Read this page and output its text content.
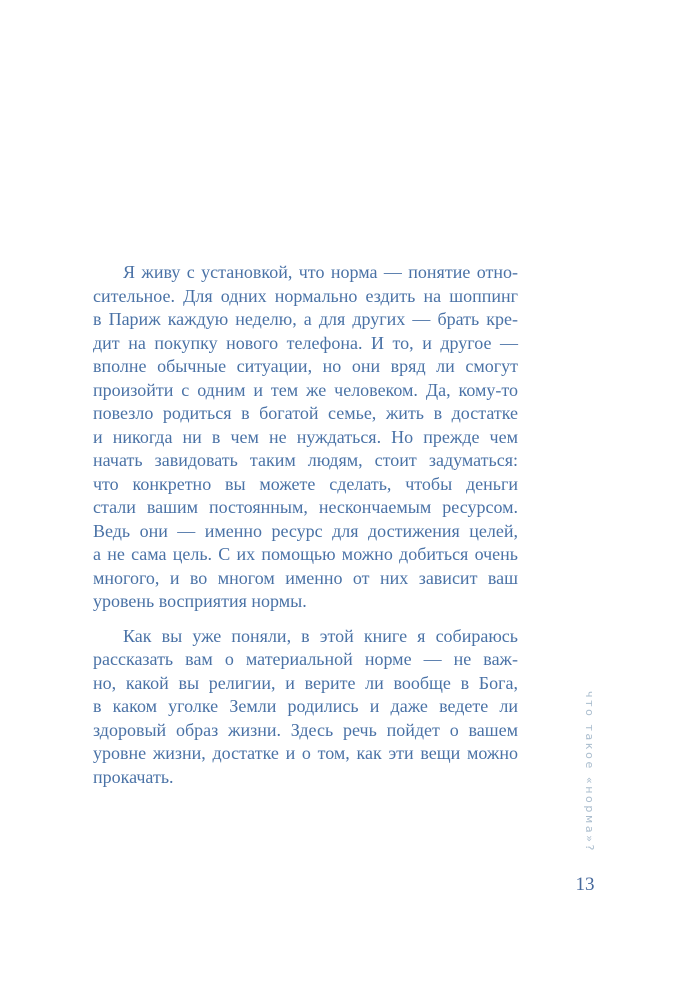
Я живу с установкой, что норма — понятие отно-
сительное. Для одних нормально ездить на шоппинг
в Париж каждую неделю, а для других — брать кре-
дит на покупку нового телефона. И то, и другое —
вполне обычные ситуации, но они вряд ли смогут
произойти с одним и тем же человеком. Да, кому-то
повезло родиться в богатой семье, жить в достатке
и никогда ни в чем не нуждаться. Но прежде чем
начать завидовать таким людям, стоит задуматься:
что конкретно вы можете сделать, чтобы деньги
стали вашим постоянным, нескончаемым ресурсом.
Ведь они — именно ресурс для достижения целей,
а не сама цель. С их помощью можно добиться очень
многого, и во многом именно от них зависит ваш
уровень восприятия нормы.
Как вы уже поняли, в этой книге я собираюсь
рассказать вам о материальной норме — не важ-
но, какой вы религии, и верите ли вообще в Бога,
в каком уголке Земли родились и даже ведете ли
здоровый образ жизни. Здесь речь пойдет о вашем
уровне жизни, достатке и о том, как эти вещи можно
прокачать.	что такое «норма»?
13
